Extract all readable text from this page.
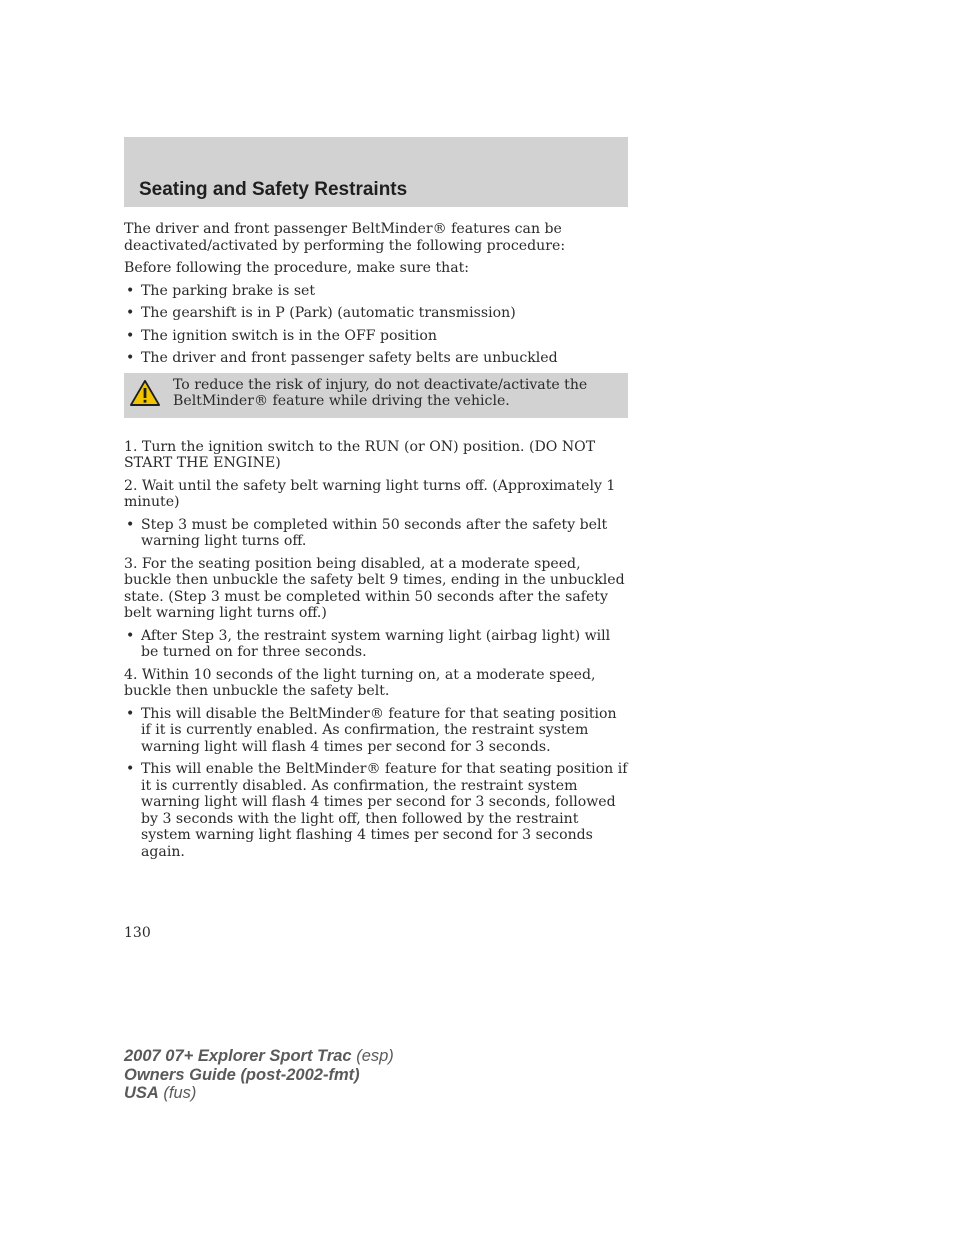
Seating and Safety Restraints

The driver and front passenger BeltMinder® features can be deactivated/activated by performing the following procedure:

Before following the procedure, make sure that:

• The parking brake is set
• The gearshift is in P (Park) (automatic transmission)
• The ignition switch is in the OFF position
• The driver and front passenger safety belts are unbuckled
To reduce the risk of injury, do not deactivate/activate the BeltMinder® feature while driving the vehicle.

1. Turn the ignition switch to the RUN (or ON) position. (DO NOT START THE ENGINE)

2. Wait until the safety belt warning light turns off. (Approximately 1 minute)

• Step 3 must be completed within 50 seconds after the safety belt warning light turns off.

3. For the seating position being disabled, at a moderate speed, buckle then unbuckle the safety belt 9 times, ending in the unbuckled state. (Step 3 must be completed within 50 seconds after the safety belt warning light turns off.)

• After Step 3, the restraint system warning light (airbag light) will be turned on for three seconds.

4. Within 10 seconds of the light turning on, at a moderate speed, buckle then unbuckle the safety belt.

• This will disable the BeltMinder® feature for that seating position if it is currently enabled. As confirmation, the restraint system warning light will flash 4 times per second for 3 seconds.
• This will enable the BeltMinder® feature for that seating position if it is currently disabled. As confirmation, the restraint system warning light will flash 4 times per second for 3 seconds, followed by 3 seconds with the light off, then followed by the restraint system warning light flashing 4 times per second for 3 seconds again.
130
2007 07+ Explorer Sport Trac (esp)
Owners Guide (post-2002-fmt)
USA (fus)
